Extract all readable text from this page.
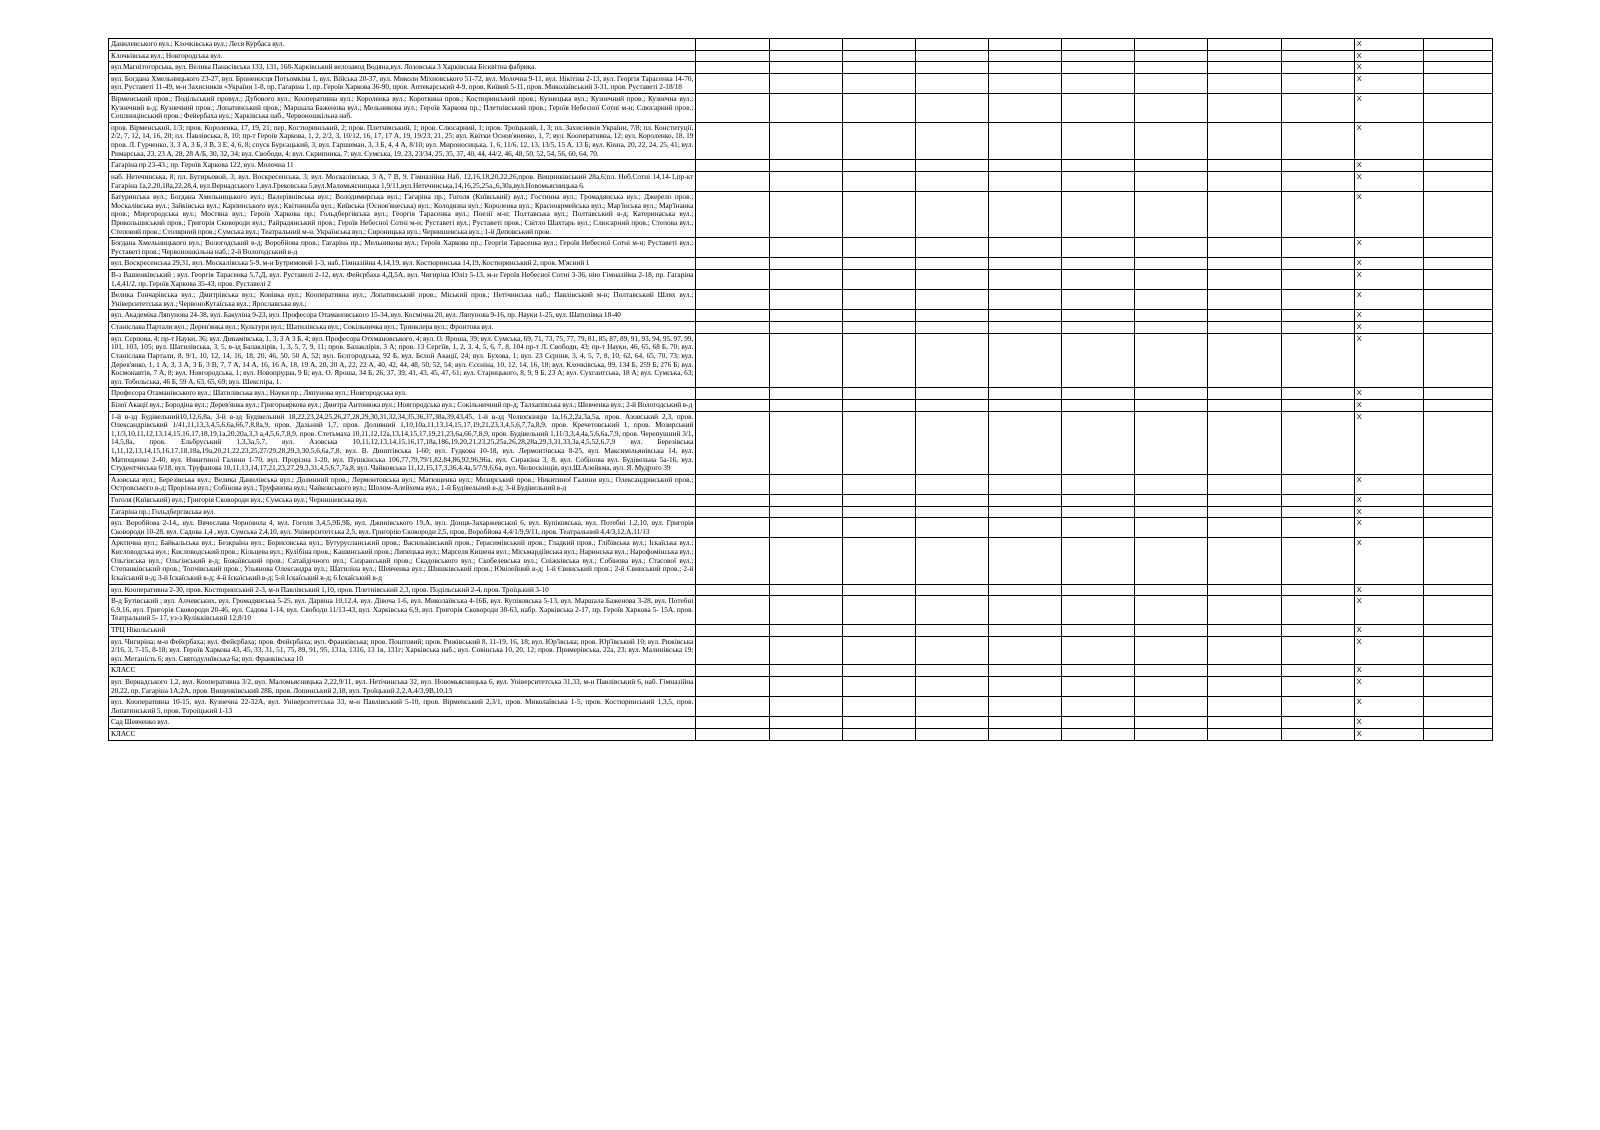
Данилевського вул.; Клочківська вул.; Леся Курбаса вул.										X	
Клочківська вул.; Новгородська вул.										X	
вул.Магнітогорська, вул. Велика Панасівська 133, 131, 168-Харківський велозавод Водяна,вул. Лозовська 3 Харківська Бісквітна фабрика.										X	
вул. Богдана Хмельницького 23-27, вул. Броненосця Потьомкіна 1, вул. Війська 20-37, вул. Миколи Міхновського 51-72, вул. Молочна 9-11, вул. Нікітіна 2-13, вул. Георгія Тарасенка 14-70, вул. Руставеті 11-49, м-н Захисників «України 1-8, пр. Гагаріна 1, пр. Героїв Харкова 36-90, пров. Аптекарський 4-9, пров. Київий 5-11, пров. Миколаївський 3-31, пров. Руставеті 2-18/18										X	
Вірменський пров.; Подільський провул.; Дубового вул.; Кооперативна вул.; Короленка вул.; Короткина пров.; Костюринський пров.; Кузнецька вул.; Кузнечний пров.; Кузнечна вул.; Кузнечний в-д; Кузнечний пров.; Лопатинський пров.; Маршала Баженова вул.; Мельникова вул.; Героїв Харкова пр.; Плетнівський пров.; Героїв Небесної Сотні м-н; Слюсарний пров.; Соплинцівський пров.; Фейербаха вул.; Харківська наб., Червоношкільна наб.										X	
пров. Вірменський, 1/3; пров. Короленка, 17, 19, 21; пер. Костюринський, 2; пров. Плетнівський, 1; пров. Слюсарний, 1; пров. Троїцький, 1, 3; пл. Захисників України, 7/8; пл. Конституції, 2/2, 7, 12, 14, 16, 20; пл. Павлівська, 8, 10; пр-т Героїв Харкова, 1, 2, 2/2, 3, 10/12, 16, 17, 17 А, 19, 19/23, 21, 25; вул. Квітки Основ'яненко, 1, 7; вул. Кооперативна, 12; вул. Короленко, 18, 19 пров. Л. Гурченко, 3, 3 А, 3 Б, 3 В, 3 Е, 4, 6, 8; спуск Бурсацький, 3; вул. Гаршиман, 3, 3 Б, 4, 4 А, 8/10; вул. Мироносицька, 1, 6, 11/6, 12, 13, 13/5, 15 А, 13 Б; вул. Кінна, 20, 22, 24, 25, 41; вул. Римарська, 23, 23 А, 28, 28 А/Б, 30, 32, 34; вул. Свободи, 4; вул. Скрипника, 7; вул. Сумська, 19, 23, 23/34, 25, 35, 37, 40, 44, 44/2, 46, 48, 50, 52, 54, 56, 60, 64, 70.										X	
Гагаріна пр 23-43.; пр. Героїв Харкова 122, вул. Молочна 11										X	
наб. Нетечинська, 8; пл. Бутирьовой, 3; вул. Воскресенська, 3; вул. Москалівська, 3 А, 7 В, 9. Гімназійна Наб. 12,16,18,20,22,26,пров. Вищинківський 28а,6;пл. Неб.Сотні 14,14-1,пр-кт Гагаріна 1а,2,20,18а,22,28,4, вул.Вернадського 1,вул.Грековська 5,вул.Маломьясницька 1,9/11,вул.Нетечинська,14,16,25,25а,,6,30а,вул.Новомьясницька 6.										X	
Батуринська вул.; Богдана Хмельницького вул.; Валерїянівська вул.; Володимирська вул.; Гагаріна пр.; Гоголя (Київський) вул.; Гостинна вул.; Громадянська вул.; Джерело пров.; Москалівська вул.; Зайківська вул.; Карпинського вул.; Квітниньба вул.; Київська (Основ'янеська) вул.; Колодязна вул.; Короленка вул.; Красноармейська вул.; Мар'їнська вул.; Мар'їнанка пров.; Миргородська вул.; Мостяна вул.; Героїв Харкова пр.; Гольдбергівська вул.; Георгія Тарасенка вул.; Поезії м-н; Полтавська вул.; Полтавський в-д; Катеринаська вул.; Прикольшиський пров.; Григорія Сковороди вул.; Райрадянський пров.; Героїв Небесної Сотні м-н; Руставеті вул.; Руставеті пров.; Світло Шахтарь вул.; Слюсарний пров.; Степова вул.; Степовий пров.; Столярний пров.; Сумська вул.; Театральний м-н. Українська вул.; Сироницька вул.; Чернишевська вул.; 1-й Деповський пров.										X	
Богдана Хмельницького вул.; Вологодський в-д; Воробйова пров.; Гагаріна пр.; Мельникова вул.; Героїв Харкова пр.; Георгія Тарасенка вул.; Героїв Небесної Сотні м-н; Руставеті вул.; Руставеті пров.; Червоношкільна наб.; 2-й Вологодський в-д										X	
вул. Воскресенська 29,31, вул. Москалівська 5-9, м-н Бутримовой 1-3, наб. Гімназійна 4,14,19, вул. Костюринська 14,19, Костюринський 2, пров. М'ясний 1										X	
В-з Вашенківський ; вул. Георгія Тарасенка 5,7,Д, вул. Руставелі 2-12, вул. Фейєрбаха 4,Д,5А, вул. Чигиріна Юліз 5-13, м-н Героїв Небесної Сотні 3-36, нію Гімназійна 2-18, пр. Гагаріна 1,4,41/2, пр. Героїв Харкова 35-43, пров. Руставелі 2										X	
Велика Гончарівська вул.; Дмитрівська вул.; Конівка вул.; Кооперативна вул.; Лопатинський пров.; Міський пров.; Нетічинська наб.; Павлівський м-н; Полтавський Шлях вул.; Університетська вул.; ЧервоноКутаїська вул.; Ярославська вул.;										X	
вул. Академіка Ляпунова 24-38, вул. Бакуліна 9-23, вул. Професора Отамановського 15-34, вул. Космічна 20, вул. Ляпунова 9-16, пр. Науки 1-25, вул. Шатилівка 18-40										X	
Станіслава Партали вул.; Дерев'янка вул.; Культури вул.; Шатилівська вул.; Сокільничка вул.; Тринклера вул.; Фронтова вул.										X	
вул. Сєрпова, 4; пр-т Науки, 36; вул. Динамівська, 1, 3, 3 А 3 Б, 4; вул. Професора Отхмановського, 4; вул. О. Яроша, 39; вул. Сумська, 69, 71, 73, 75, 77, 79, 81, 85, 87, 89, 91, 93, 94, 95, 97, 99, 101, 103, 105; вул. Шатилівська, 3, 5, в-зд Балаклірів, 1, 3, 5, 7, 9, 11; пров. Балаклірів, 3 А; пров. 13 Сергіїв, 1, 2, 3, 4, 5, 6, 7, 8, 104 пр-т Л. Свободи, 43; пр-т Науки, 46, 65, 68 Б, 70; вул. Станіслава Партали, 8, 9/1, 10, 12, 14, 16, 18, 20, 46, 50, 50 А, 52; вул. Бєлгородська, 92 Б, вул. Бєлой Акації, 24; вул. Бухова, 1; вул. 23 Сєрпня, 3, 4, 5, 7, 8, 10, 62, 64, 65, 70, 73; вул. Дерев'янко, 1, 1 А, 3, 3 А, 3 Б, 3 В, 7, 7 А, 14 А, 16, 16 А, 18, 19 А, 20, 20 А, 22, 22 А, 40, 42, 44, 48, 50, 52, 54; вул. Єсєніна, 10, 12, 14, 16, 18; вул. Клочківська, 99, 134 Б, 259 Б, 276 Б; вул. Космонавтів, 7 А, 8; вул. Новгородська, 1; вул. Новопрудна, 9 Б; вул. О. Яроша, 34 Б, 26, 37, 39, 41, 43, 45, 47, 61; вул. Старицького, 8, 9, 9 Б, 23 А; вул. Сухгаитська, 18 А; вул. Сумська, 63; вул. Тобольська, 46 Б, 59 А, 63, 65, 69; вул. Шекспіра, 1.										X	
Професора Отаманівського вул.; Шатилівська вул.; Науки пр.; Ляпунова вул.; Новгородська вул.										X	
Білої Акації вул.; Бородіна вул.; Дерев'янка вул.; Григорьяркова вул.; Дмитра Антонюка вул.; Новгородська вул.; Сокільничний пр-д; Талхапівська вул.; Шевченка вул.; 2-й Вологодський в-д										X	
1-й в-зд Будівельний10,12,6,8а, 3-й в-зд Будівельний 18,22,23,24,25,26,27,28,29,30,31,32,34,35,36,37,38а,39,43,45, 1-й в-зд Челюскінців 1а,16,2,2а,3а,5а, пров. Азовський 2,3, пров. Олександрівський 1/41,11,13,3,4,5,6,6а,66,7,8,8а,9, пров. Дальний 1,7, пров. Доливний 1,10,10а,11,13,14,15,17,19,21,23,3,4,5,6,7,7а,8,9, пров. Кречетовський 1, пров. Мозирський 1,1/3,10,11,12,13,14,15,16,17,18,19,1а,20,20а,3,3 а,4,5,6,7,8,9, пров. Стетьмаха 10,11,12,12а,13,14,15,17,19,21,23,6а,66,7,8,9, пров. Будівельний 1,11/3,3,4,4а,5,6,6а,7,9, пров. Черепушний 3/1, 14,5,8а, пров. Ельбруський 1,3,3а,5,7, вул. Азовська 10,11,12,13,14,15,16,17,18а,186,19,20,21,23,25,25а,26,28,28а,29,3,31,33,3а,4,5,52,6,7,9 вул. Березівська 1,11,12,13,14,15,16,17,18,18а,19а,20,21,22,23,25,27/29,28,29,3,30,5,6,6а,7,8, вул. В. Динитівська 1-60; вул. Гудкова 10-18, вул. Лермонтівська 8-25, вул. Максимільянівська 14, вул. Матющенко 2-40, вул. Никитиної Галини 1-70, вул. Прорізна 1-20, вул. Пушкінська 106,77,79,79/1,82,84,86,92,96,96а, вул. Сиракіна 3, 8, вул. Собінова вул. Будівельна 5а-16, вул. Студентчиська 6/18, вул. Труфанова 10,11,13,14,17,21,23,27,29,3,31,4,5,6,7,7а,8, вул. Чайковська 11,12,15,17,3,36,4,4а,5/7/9,6,6а, вул. Челюскінців, вул.Ш.Алейкма, вул. Я. Мудрого 39										X	
Азовська вул.; Березівська вул.; Велика Данилівська вул.; Долинний пров.; Лермонтовська вул.; Матющенка вул.; Мозирський пров.; Никитиної Галини вул.; Олександрівський пров.; Островського в-д; Прорізна вул.; Собінова вул.; Труфанова вул.; Чайковського вул.; Шолом-Алейхема вул.; 1-й Будівельний в-д; 3-й Будівельний в-д										X	
Гоголя (Київський) вул.; Григорія Сковороди вул.; Сумська вул.; Чернишевська вул.										X	
Гагаріна пр.; Гольдбергівська вул.										X	
вул. Воробйова 2-14,, вул. Вячеслава Чорновола 4, вул. Гоголя 3,4,5,9Б,9Б, вул. Джинівського 19,А, вул. Донця-Захаржевськиї 6, вул. Купіковська, вул. Потебні 1,2,10, вул. Григорія Сковороди 10-28, вул. Садова 1,4 , вул. Сумська 2,4,10, вул. Університетська 2,5, вул. Григорію Сковороди 2,5, пров. Воробйова 4,4/1/9,9/11, пров. Театральний 4,4/3,12,А,11/13										X	
Арктична вул.; Байкальська вул.; Безкраїна вул.; Борисовська вул.; Бутурусланський пров.; Васильківський пров.; Герасимівський пров.; Гладкий пров.; Глібівська вул.; Іскаїська вул.; Кисловодська вул.; Кисловодський пров.; Кільцева вул.; Кулібіна пров.; Кашинський пров.; Липецька вул.; Марселя Кишена вул.; Місьмардіївська вул.; Наринська вул.; Нарофомінська вул.; Ольгінська вул.; Ольгінський в-д; Божаївський пров.; Сатайдічного вул.; Сизранський пров.; Скадовського вул.; Скобелевська вул.; Сніжківська вул.; Собінова вул.; Стасової вул.; Степанківський пров.; Топчівський пров.; Ульянова Олександра вул.; Шатиліна вул.; Шевченка вул.; Шишківський пров.; Ювілейний в-д; 1-й Євинський пров.; 2-й Євинський пров.; 2-й Іскаїський в-д; 3-й Іскаїський в-д; 4-й Іскаїський в-д; 5-й Іскаїський в-д; 6 Іскаїський в-д										X	
вул. Кооперативна 2-30, пров. Костюринський 2-3, м-н Павлівський 1,10, пров. Плетнівський 2,3, пров. Подільський 2-4, пров. Троїцький 3-10										X	
В-д Бутівський ; вул. Алчевських, вул. Громадянська 5-25, вул. Дарвіна 10,12,4, вул. Дівоча 1-6, вул. Миколаївська 4-16Б, вул. Купіковська 5-13, вул. Маршала Баженова 3-28, вул. Потебні 6,9,16, вул. Григорія Сковороди 20-46, вул. Садова 1-14, вул. Свободи 11/13-43, вул. Харківська 6,9, вул. Григорія Сковороди 38-63, набр. Харківська 2-17, пр. Героїв Харкова 5- 15А, пров. Театральний 5- 17, уз-з Кулікківський 12,8/10										X	
ТРЦ Нікольський										X	
вул. Чигиріна; м-н Фейєрбаха; вул. Фейєрбаха; пров. Фейєрбаха; вул. Франківська; пров. Поштовий; пров. Рижівський 8, 11-19, 16, 18; вул. Юр'ївська; пров. Юр'ївський 10; вул. Рижівська 2/16, 3, 7-15, 8-18; вул. Героїв Харкова 43, 45, 33, 31, 51, 75, 89, 91, 95, 131а, 1316, 13 1в, 131г; Харківська наб.; вул. Совінська 10, 20, 12; пров. Примерівська, 22а, 23; вул. Малинівська 19: вул. Метаність 6; вул. Святодулиївська 6а; вул. Франківська 10										X	
КЛАСС										X	
вул. Вернадського 1,2, вул. Кооперативна 3/2, вул. Маломьясницька 2,22,9/11, вул. Нетічинська 32, вул. Новомьясницька 6, вул. Університетська 31,33, м-н Павлівський 6, наб. Гімназійна 20,22, пр. Гагаріна 1А,2А, пров. Вищенківський 28Б, пров. Лопинський 2,18, вул. Троїцький 2,2,А,4/3,9В,10,13										X	
вул. Кооперативна 10-15, вул. Кузнечна 22-32А, вул. Університетська 33, м-н Павлівський 5-10, пров. Вірменський 2,3/1, пров. Миколаївська 1-5, пров. Костюринський 1,3,5, пров. Лопатинський 5, пров. Тороїцький 1-13										X	
Сад Шевченко вул.										X	
КЛАСС										X	
